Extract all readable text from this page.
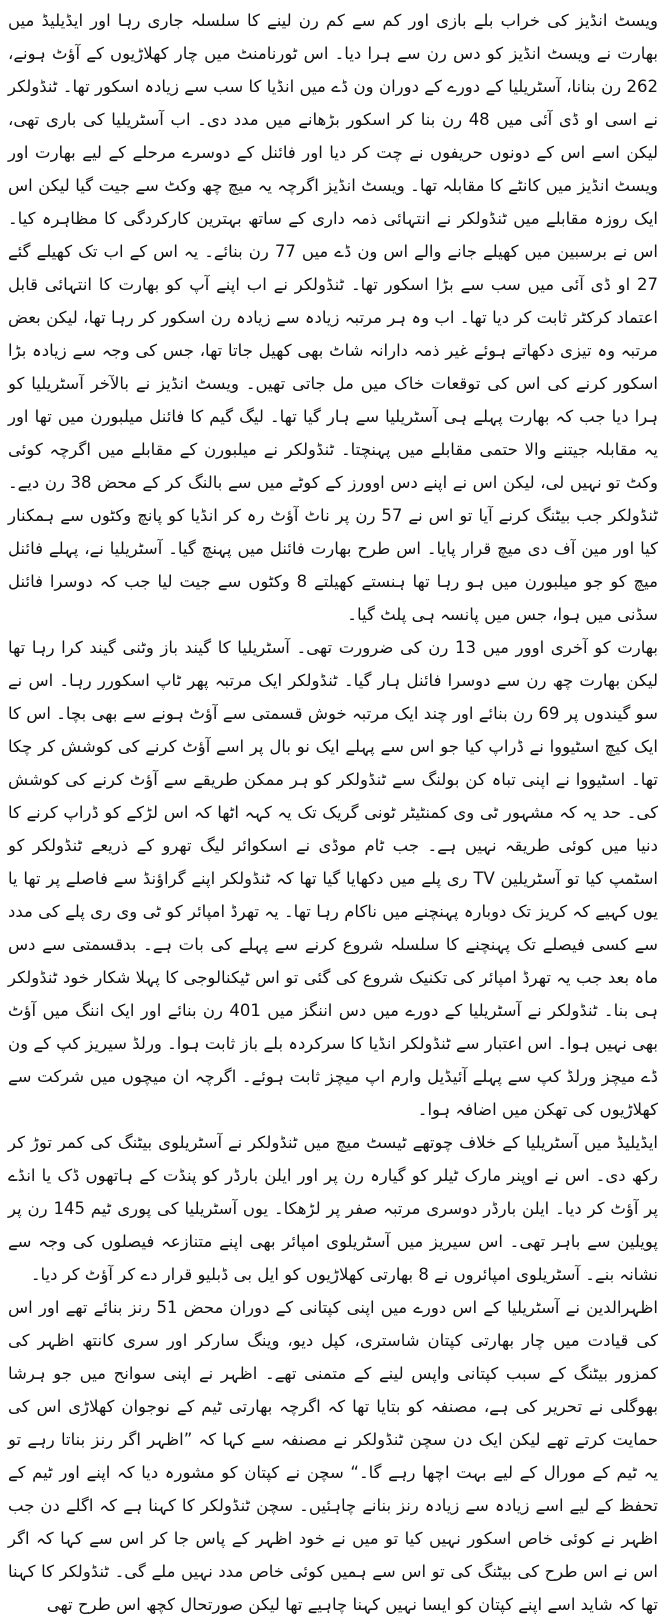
ویسٹ انڈیز کی خراب بلے بازی اور کم سے کم رن لینے کا سلسلہ جاری رہا اور ایڈیلیڈ میں بھارت نے ویسٹ انڈیز کو دس رن سے ہرا دیا۔ اس ٹورنامنٹ میں چار کھلاڑیوں کے آؤٹ ہونے، 262 رن بنانا، آسٹریلیا کے دورے کے دوران ون ڈے میں انڈیا کا سب سے زیادہ اسکور تھا۔ ٹنڈولکر نے اسی او ڈی آئی میں 48 رن بنا کر اسکور بڑھانے میں مدد دی۔ اب آسٹریلیا کی باری تھی، لیکن اسے اس کے دونوں حریفوں نے چت کر دیا اور فائنل کے دوسرے مرحلے کے لیے بھارت اور ویسٹ انڈیز میں کانٹے کا مقابلہ تھا۔ ویسٹ انڈیز اگرچہ یہ میچ چھ وکٹ سے جیت گیا لیکن اس ایک روزہ مقابلے میں ٹنڈولکر نے انتہائی ذمہ داری کے ساتھ بہترین کارکردگی کا مظاہرہ کیا۔ اس نے برسبین میں کھیلے جانے والے اس ون ڈے میں 77 رن بنائے۔ یہ اس کے اب تک کھیلے گئے 27 او ڈی آئی میں سب سے بڑا اسکور تھا۔ ٹنڈولکر نے اب اپنے آپ کو بھارت کا انتہائی قابل اعتماد کرکٹر ثابت کر دیا تھا۔ اب وہ ہر مرتبہ زیادہ سے زیادہ رن اسکور کر رہا تھا، لیکن بعض مرتبہ وہ تیزی دکھاتے ہوئے غیر ذمہ دارانہ شاٹ بھی کھیل جاتا تھا، جس کی وجہ سے زیادہ بڑا اسکور کرنے کی اس کی توقعات خاک میں مل جاتی تھیں۔ ویسٹ انڈیز نے بالآخر آسٹریلیا کو ہرا دیا جب کہ بھارت پہلے ہی آسٹریلیا سے ہار گیا تھا۔ لیگ گیم کا فائنل میلبورن میں تھا اور یہ مقابلہ جیتنے والا حتمی مقابلے میں پہنچتا۔ ٹنڈولکر نے میلبورن کے مقابلے میں اگرچہ کوئی وکٹ تو نہیں لی، لیکن اس نے اپنے دس اوورز کے کوٹے میں سے بالنگ کر کے محض 38 رن دیے۔ ٹنڈولکر جب بیٹنگ کرنے آیا تو اس نے 57 رن پر ناٹ آؤٹ رہ کر انڈیا کو پانچ وکٹوں سے ہمکنار کیا اور مین آف دی میچ قرار پایا۔ اس طرح بھارت فائنل میں پہنچ گیا۔ آسٹریلیا نے، پہلے فائنل میچ کو جو میلبورن میں ہو رہا تھا ہنستے کھیلتے 8 وکٹوں سے جیت لیا جب کہ دوسرا فائنل سڈنی میں ہوا، جس میں پانسہ ہی پلٹ گیا۔

بھارت کو آخری اوور میں 13 رن کی ضرورت تھی۔ آسٹریلیا کا گیند باز وٹنی گیند کرا رہا تھا لیکن بھارت چھ رن سے دوسرا فائنل ہار گیا۔ ٹنڈولکر ایک مرتبہ پھر ٹاپ اسکورر رہا۔ اس نے سو گیندوں پر 69 رن بنائے اور چند ایک مرتبہ خوش قسمتی سے آؤٹ ہونے سے بھی بچا۔ اس کا ایک کیچ اسٹیووا نے ڈراپ کیا جو اس سے پہلے ایک نو بال پر اسے آؤٹ کرنے کی کوشش کر چکا تھا۔ اسٹیووا نے اپنی تباہ کن بولنگ سے ٹنڈولکر کو ہر ممکن طریقے سے آؤٹ کرنے کی کوشش کی۔ حد یہ کہ مشہور ٹی وی کمنٹیٹر ٹونی گریک تک یہ کہہ اٹھا کہ اس لڑکے کو ڈراپ کرنے کا دنیا میں کوئی طریقہ نہیں ہے۔ جب ٹام موڈی نے اسکوائر لیگ تھرو کے ذریعے ٹنڈولکر کو اسٹمپ کیا تو آسٹریلین TV ری پلے میں دکھایا گیا تھا کہ ٹنڈولکر اپنے گراؤنڈ سے فاصلے پر تھا یا یوں کہیے کہ کریز تک دوبارہ پہنچنے میں ناکام رہا تھا۔ یہ تھرڈ امپائر کو ٹی وی ری پلے کی مدد سے کسی فیصلے تک پہنچنے کا سلسلہ شروع کرنے سے پہلے کی بات ہے۔ بدقسمتی سے دس ماہ بعد جب یہ تھرڈ امپائر کی تکنیک شروع کی گئی تو اس ٹیکنالوجی کا پہلا شکار خود ٹنڈولکر ہی بنا۔ ٹنڈولکر نے آسٹریلیا کے دورے میں دس اننگز میں 401 رن بنائے اور ایک اننگ میں آؤٹ بھی نہیں ہوا۔ اس اعتبار سے ٹنڈولکر انڈیا کا سرکردہ بلے باز ثابت ہوا۔ ورلڈ سیریز کپ کے ون ڈے میچز ورلڈ کپ سے پہلے آئیڈیل وارم اپ میچز ثابت ہوئے۔ اگرچہ ان میچوں میں شرکت سے کھلاڑیوں کی تھکن میں اضافہ ہوا۔

ایڈیلیڈ میں آسٹریلیا کے خلاف چوتھے ٹیسٹ میچ میں ٹنڈولکر نے آسٹریلوی بیٹنگ کی کمر توڑ کر رکھ دی۔ اس نے اوپنر مارک ٹیلر کو گیارہ رن پر اور ایلن بارڈر کو پنڈت کے ہاتھوں ڈک یا انڈے پر آؤٹ کر دیا۔ ایلن بارڈر دوسری مرتبہ صفر پر لڑھکا۔ یوں آسٹریلیا کی پوری ٹیم 145 رن پر پویلین سے باہر تھی۔ اس سیریز میں آسٹریلوی امپائر بھی اپنے متنازعہ فیصلوں کی وجہ سے نشانہ بنے۔ آسٹریلوی امپائروں نے 8 بھارتی کھلاڑیوں کو ایل بی ڈبلیو قرار دے کر آؤٹ کر دیا۔

اظہرالدین نے آسٹریلیا کے اس دورے میں اپنی کپتانی کے دوران محض 51 رنز بنائے تھے اور اس کی قیادت میں چار بھارتی کپتان شاستری، کپل دیو، وینگ سارکر اور سری کانتھ اظہر کی کمزور بیٹنگ کے سبب کپتانی واپس لینے کے متمنی تھے۔ اظہر نے اپنی سوانح میں جو ہرشا بھوگلی نے تحریر کی ہے، مصنفہ کو بتایا تھا کہ اگرچہ بھارتی ٹیم کے نوجوان کھلاڑی اس کی حمایت کرتے تھے لیکن ایک دن سچن ٹنڈولکر نے مصنفہ سے کہا کہ ”اظہر اگر رنز بناتا رہے تو یہ ٹیم کے مورال کے لیے بہت اچھا رہے گا۔“ سچن نے کپتان کو مشورہ دیا کہ اپنے اور ٹیم کے تحفظ کے لیے اسے زیادہ سے زیادہ رنز بنانے چاہئیں۔ سچن ٹنڈولکر کا کہنا ہے کہ اگلے دن جب اظہر نے کوئی خاص اسکور نہیں کیا تو میں نے خود اظہر کے پاس جا کر اس سے کہا کہ اگر اس نے اس طرح کی بیٹنگ کی تو اس سے ہمیں کوئی خاص مدد نہیں ملے گی۔ ٹنڈولکر کا کہنا تھا کہ شاید اسے اپنے کپتان کو ایسا نہیں کہنا چاہیے تھا لیکن صورتحال کچھ اس طرح تھی
